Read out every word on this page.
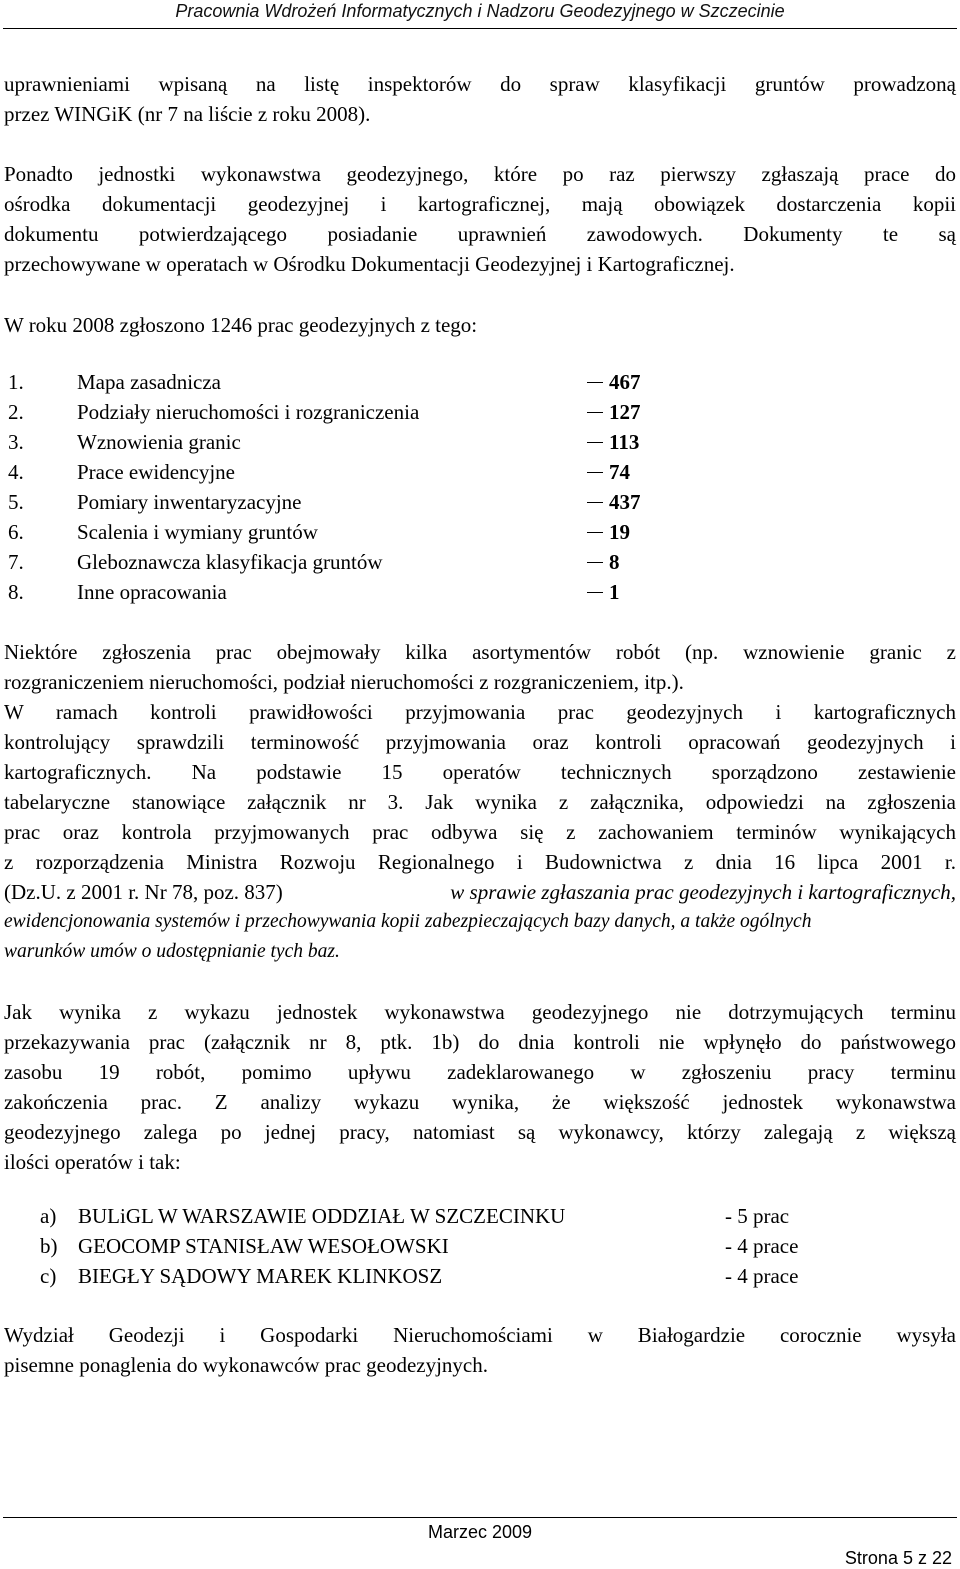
Pracownia Wdrożeń Informatycznych i Nadzoru Geodezyjnego w Szczecinie
uprawnieniami wpisaną na listę inspektorów do spraw klasyfikacji gruntów prowadzoną
przez WINGiK (nr 7 na liście z roku 2008).
Ponadto jednostki wykonawstwa geodezyjnego, które po raz pierwszy zgłaszają prace do
ośrodka dokumentacji geodezyjnej i kartograficznej, mają obowiązek dostarczenia kopii
dokumentu potwierdzającego posiadanie uprawnień zawodowych. Dokumenty te są
przechowywane w operatach w Ośrodku Dokumentacji Geodezyjnej i Kartograficznej.
W roku 2008 zgłoszono 1246 prac geodezyjnych z tego:
1.	Mapa zasadnicza	467
2.	Podziały nieruchomości i rozgraniczenia	127
3.	Wznowienia granic	113
4.	Prace ewidencyjne	74
5.	Pomiary inwentaryzacyjne	437
6.	Scalenia i wymiany gruntów	19
7.	Gleboznawcza klasyfikacja gruntów	8
8.	Inne opracowania	1
Niektóre zgłoszenia prac obejmowały kilka asortymentów robót (np. wznowienie granic z
rozgraniczeniem nieruchomości, podział nieruchomości z rozgraniczeniem, itp.).
W ramach kontroli prawidłowości przyjmowania prac geodezyjnych i kartograficznych
kontrolujący sprawdzili terminowość przyjmowania oraz kontroli opracowań geodezyjnych i
kartograficznych. Na podstawie 15 operatów technicznych sporządzono zestawienie
tabelaryczne stanowiące załącznik nr 3. Jak wynika z załącznika, odpowiedzi na zgłoszenia
prac oraz kontrola przyjmowanych prac odbywa się z zachowaniem terminów wynikających
z rozporządzenia Ministra Rozwoju Regionalnego i Budownictwa z dnia 16 lipca 2001 r.
(Dz.U. z 2001 r. Nr 78, poz. 837)	w sprawie zgłaszania prac geodezyjnych i kartograficznych,
ewidencjonowania systemów i przechowywania kopii zabezpieczających bazy danych, a także ogólnych
warunków umów o udostępnianie tych baz.
Jak wynika z wykazu jednostek wykonawstwa geodezyjnego nie dotrzymujących terminu
przekazywania prac (załącznik nr 8, ptk. 1b) do dnia kontroli nie wpłynęło do państwowego
zasobu 19 robót, pomimo upływu zadeklarowanego w zgłoszeniu pracy terminu
zakończenia prac. Z analizy wykazu wynika, że większość jednostek wykonawstwa
geodezyjnego zalega po jednej pracy, natomiast są wykonawcy, którzy zalegają z większą
ilości operatów i tak:
a) BULiGL W WARSZAWIE ODDZIAŁ W SZCZECINKU	- 5 prac
b) GEOCOMP STANISŁAW WESOŁOWSKI	- 4 prace
c) BIEGŁY SĄDOWY MAREK KLINKOSZ	- 4 prace
Wydział Geodezji i Gospodarki Nieruchomościami w Białogardzie corocznie wysyła
pisemne ponaglenia do wykonawców prac geodezyjnych.
Marzec 2009
Strona 5 z 22
